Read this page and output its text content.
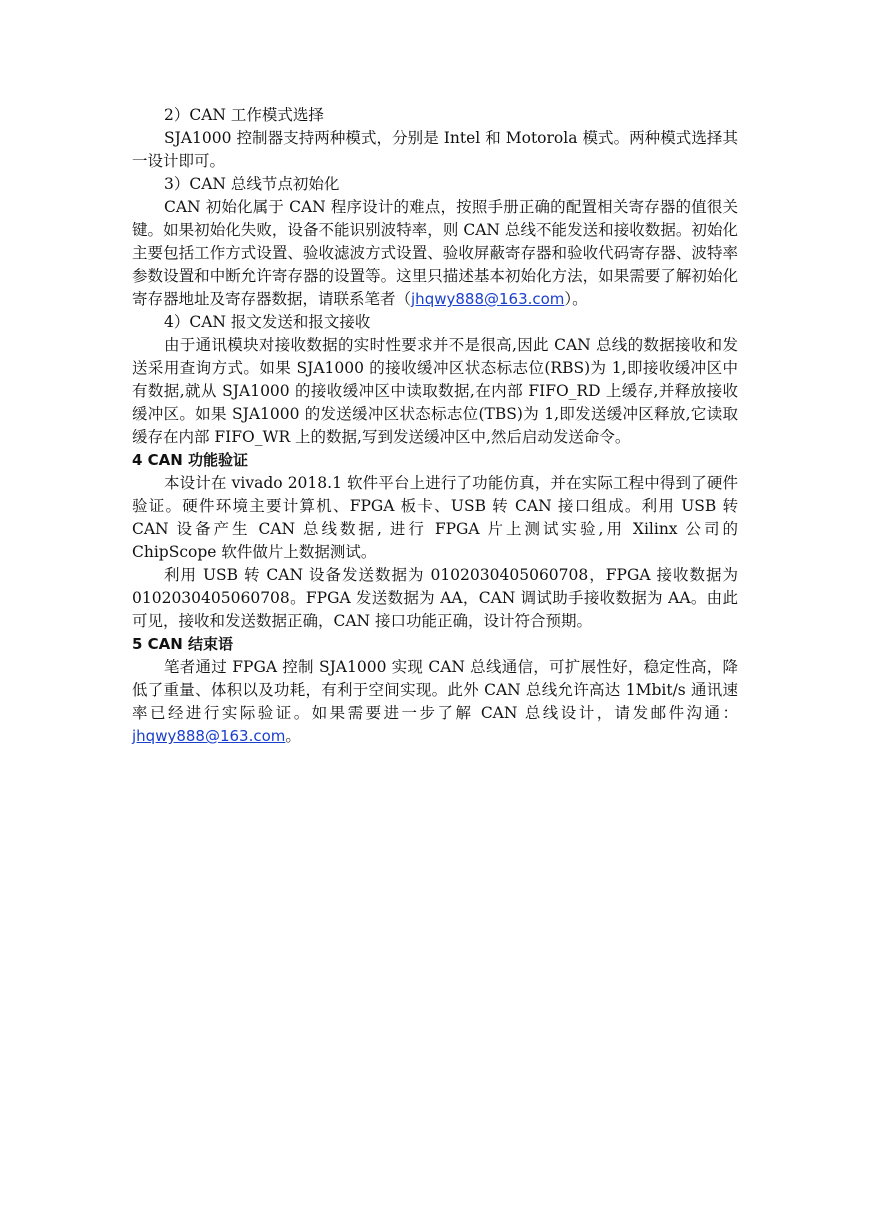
2）CAN 工作模式选择

SJA1000 控制器支持两种模式，分别是 Intel 和 Motorola 模式。两种模式选择其一设计即可。

3）CAN 总线节点初始化

CAN 初始化属于 CAN 程序设计的难点，按照手册正确的配置相关寄存器的值很关键。如果初始化失败，设备不能识别波特率，则 CAN 总线不能发送和接收数据。初始化主要包括工作方式设置、验收滤波方式设置、验收屏蔽寄存器和验收代码寄存器、波特率参数设置和中断允许寄存器的设置等。这里只描述基本初始化方法，如果需要了解初始化寄存器地址及寄存器数据，请联系笔者（jhqwy888@163.com）。

4）CAN 报文发送和报文接收

由于通讯模块对接收数据的实时性要求并不是很高,因此 CAN 总线的数据接收和发送采用查询方式。如果 SJA1000 的接收缓冲区状态标志位(RBS)为 1,即接收缓冲区中有数据,就从 SJA1000 的接收缓冲区中读取数据,在内部 FIFO_RD 上缓存,并释放接收缓冲区。如果 SJA1000 的发送缓冲区状态标志位(TBS)为 1,即发送缓冲区释放,它读取缓存在内部 FIFO_WR 上的数据,写到发送缓冲区中,然后启动发送命令。

4 CAN 功能验证

本设计在 vivado 2018.1 软件平台上进行了功能仿真，并在实际工程中得到了硬件验证。硬件环境主要计算机、FPGA 板卡、USB 转 CAN 接口组成。利用 USB 转 CAN 设备产生 CAN 总线数据, 进行 FPGA 片上测试实验,用 Xilinx 公司的 ChipScope 软件做片上数据测试。

利用 USB 转 CAN 设备发送数据为 0102030405060708，FPGA 接收数据为 0102030405060708。FPGA 发送数据为 AA，CAN 调试助手接收数据为 AA。由此可见，接收和发送数据正确，CAN 接口功能正确，设计符合预期。

5 CAN 结束语

笔者通过 FPGA 控制 SJA1000 实现 CAN 总线通信，可扩展性好，稳定性高，降低了重量、体积以及功耗，有利于空间实现。此外 CAN 总线允许高达 1Mbit/s 通讯速率已经进行实际验证。如果需要进一步了解 CAN 总线设计，请发邮件沟通：jhqwy888@163.com。
